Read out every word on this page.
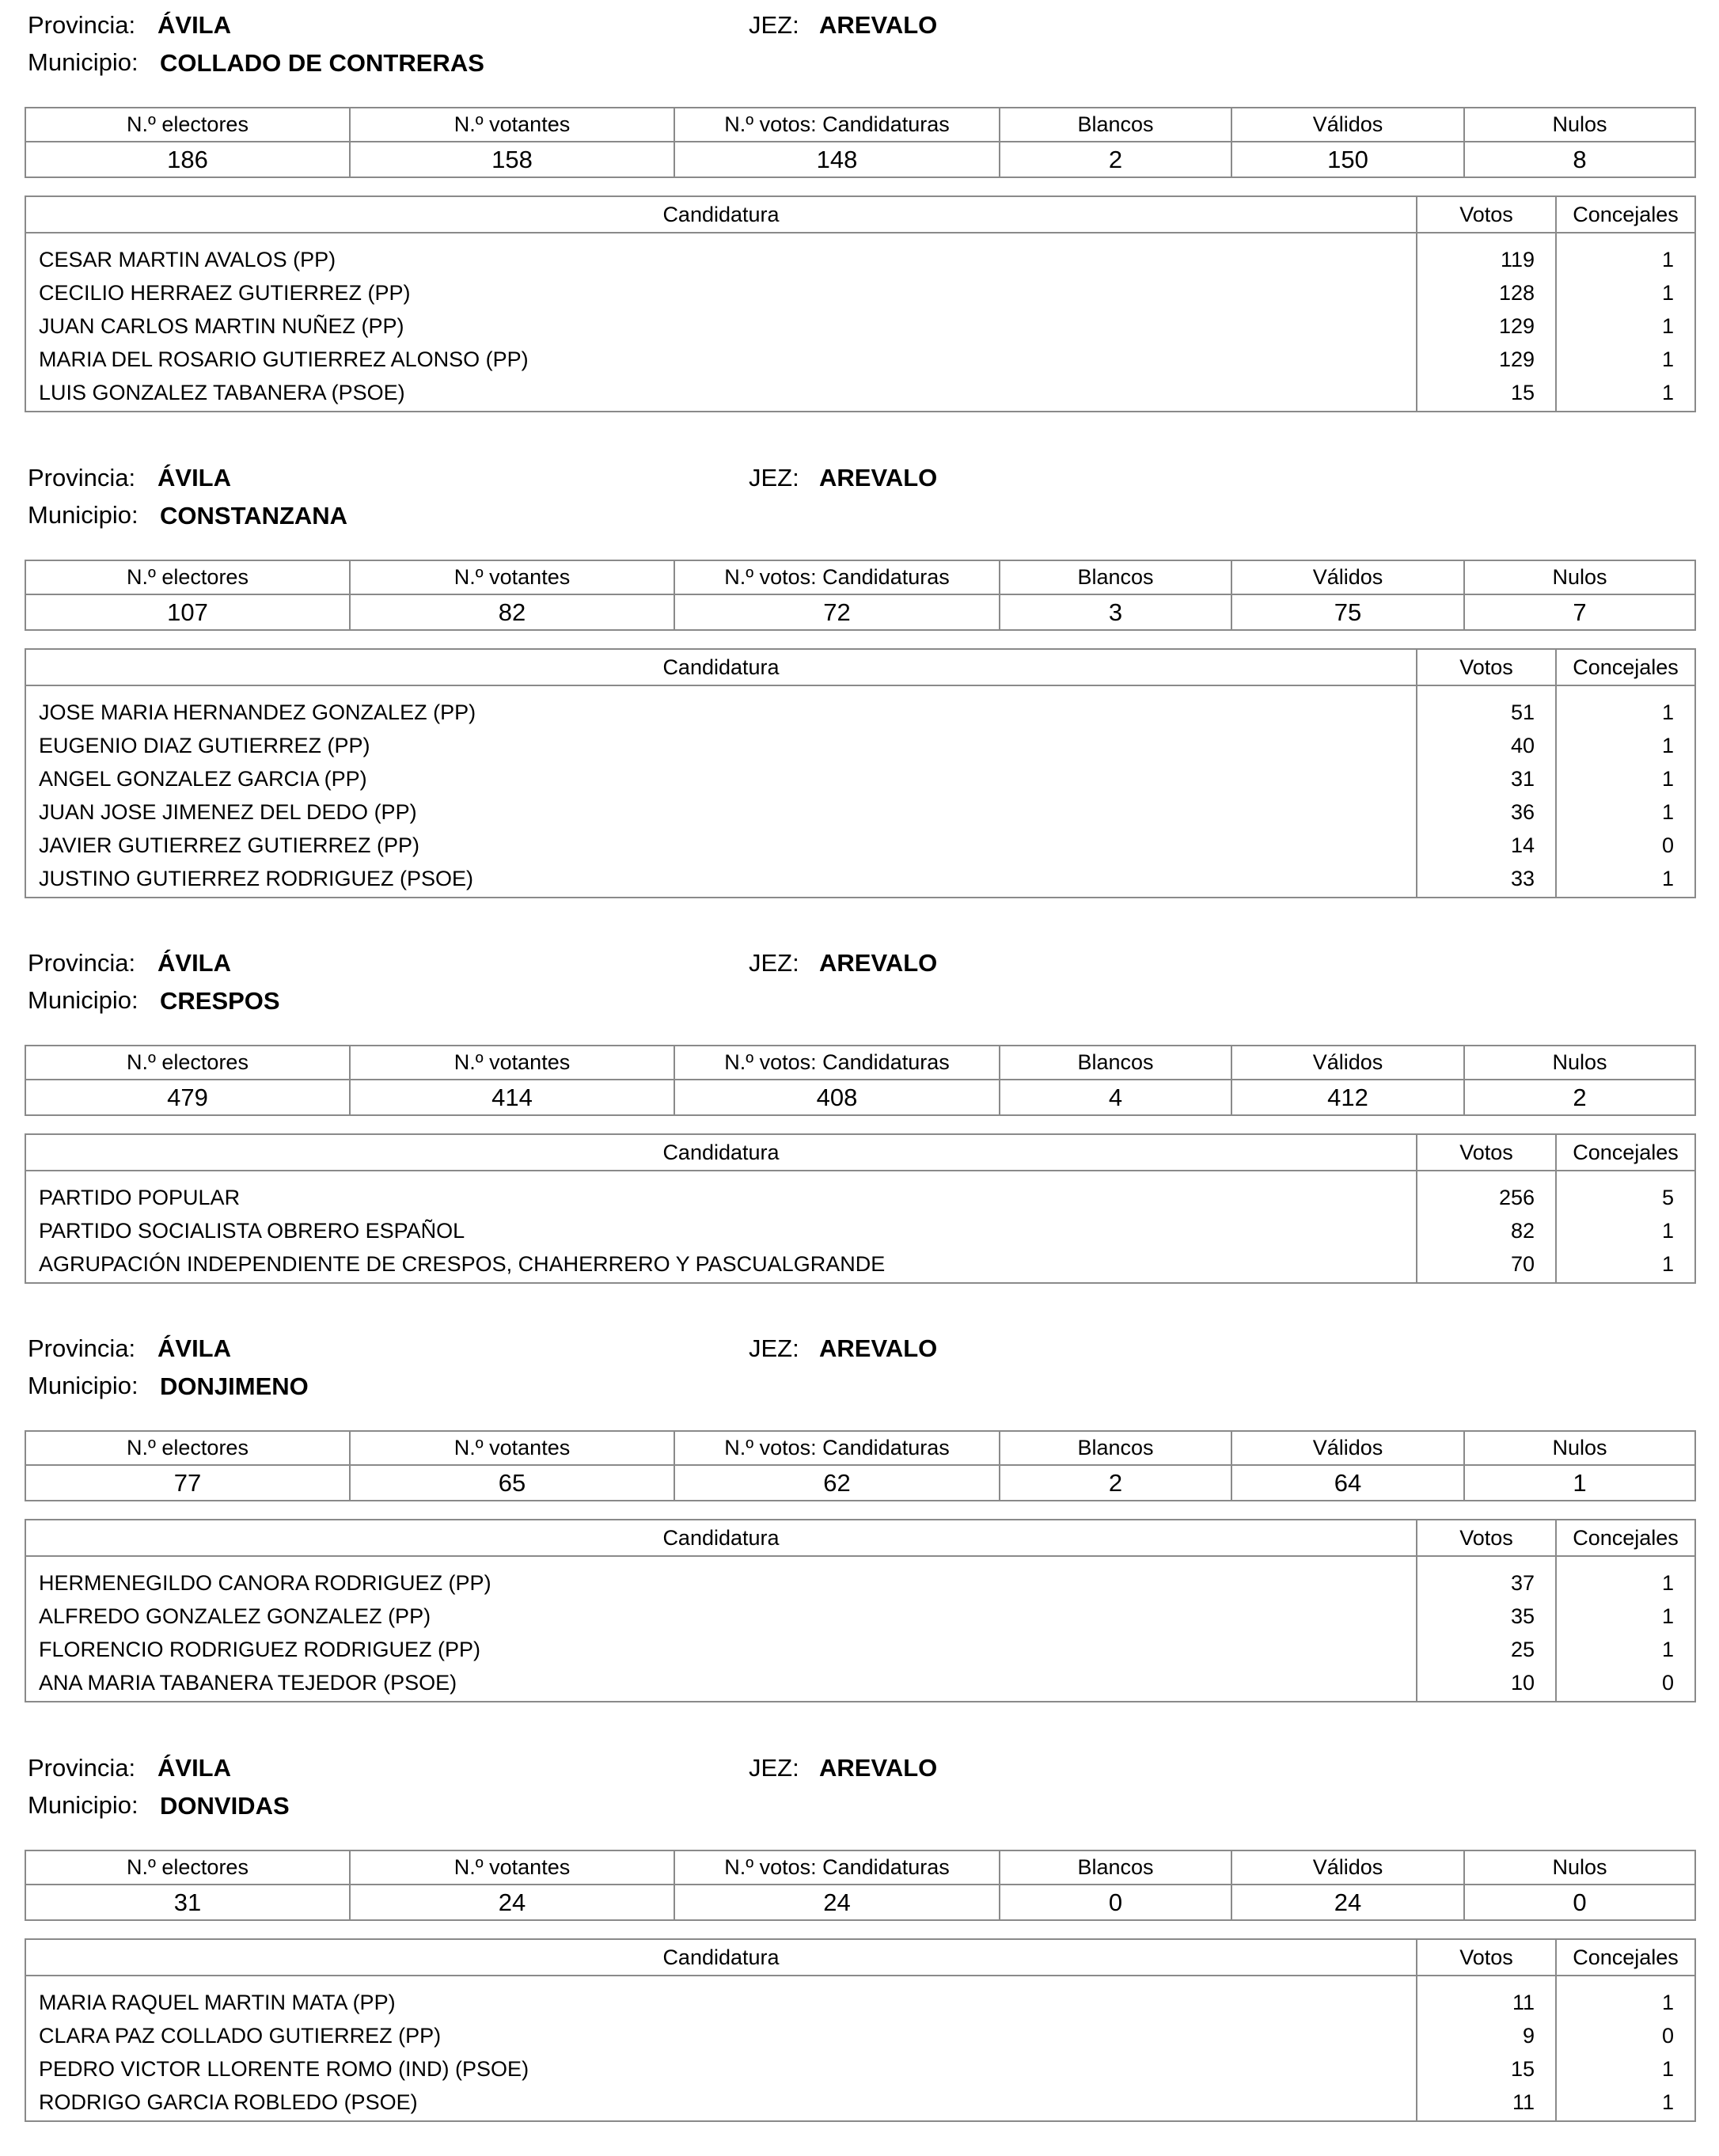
Provincia: ÁVILA	JEZ: AREVALO
Municipio: COLLADO DE CONTRERAS
N.º electores	N.º votantes	N.º votos: Candidaturas	Blancos	Válidos	Nulos
186	158	148	2	150	8
Candidatura	Votos	Concejales
CESAR MARTIN AVALOS (PP)	119	1
CECILIO HERRAEZ GUTIERREZ (PP)	128	1
JUAN CARLOS MARTIN NUÑEZ (PP)	129	1
MARIA DEL ROSARIO GUTIERREZ ALONSO (PP)	129	1
LUIS GONZALEZ TABANERA (PSOE)	15	1
Provincia: ÁVILA	JEZ: AREVALO
Municipio: CONSTANZANA
N.º electores	N.º votantes	N.º votos: Candidaturas	Blancos	Válidos	Nulos
107	82	72	3	75	7
Candidatura	Votos	Concejales
JOSE MARIA HERNANDEZ GONZALEZ (PP)	51	1
EUGENIO DIAZ GUTIERREZ (PP)	40	1
ANGEL GONZALEZ GARCIA (PP)	31	1
JUAN JOSE JIMENEZ DEL DEDO (PP)	36	1
JAVIER GUTIERREZ GUTIERREZ (PP)	14	0
JUSTINO GUTIERREZ RODRIGUEZ (PSOE)	33	1
Provincia: ÁVILA	JEZ: AREVALO
Municipio: CRESPOS
N.º electores	N.º votantes	N.º votos: Candidaturas	Blancos	Válidos	Nulos
479	414	408	4	412	2
Candidatura	Votos	Concejales
PARTIDO POPULAR	256	5
PARTIDO SOCIALISTA OBRERO ESPAÑOL	82	1
AGRUPACIÓN INDEPENDIENTE DE CRESPOS, CHAHERRERO Y PASCUALGRANDE	70	1
Provincia: ÁVILA	JEZ: AREVALO
Municipio: DONJIMENO
N.º electores	N.º votantes	N.º votos: Candidaturas	Blancos	Válidos	Nulos
77	65	62	2	64	1
Candidatura	Votos	Concejales
HERMENEGILDO CANORA RODRIGUEZ (PP)	37	1
ALFREDO GONZALEZ GONZALEZ (PP)	35	1
FLORENCIO RODRIGUEZ RODRIGUEZ (PP)	25	1
ANA MARIA TABANERA TEJEDOR (PSOE)	10	0
Provincia: ÁVILA	JEZ: AREVALO
Municipio: DONVIDAS
N.º electores	N.º votantes	N.º votos: Candidaturas	Blancos	Válidos	Nulos
31	24	24	0	24	0
Candidatura	Votos	Concejales
MARIA RAQUEL MARTIN MATA (PP)	11	1
CLARA PAZ COLLADO GUTIERREZ (PP)	9	0
PEDRO VICTOR LLORENTE ROMO (IND) (PSOE)	15	1
RODRIGO GARCIA ROBLEDO (PSOE)	11	1
